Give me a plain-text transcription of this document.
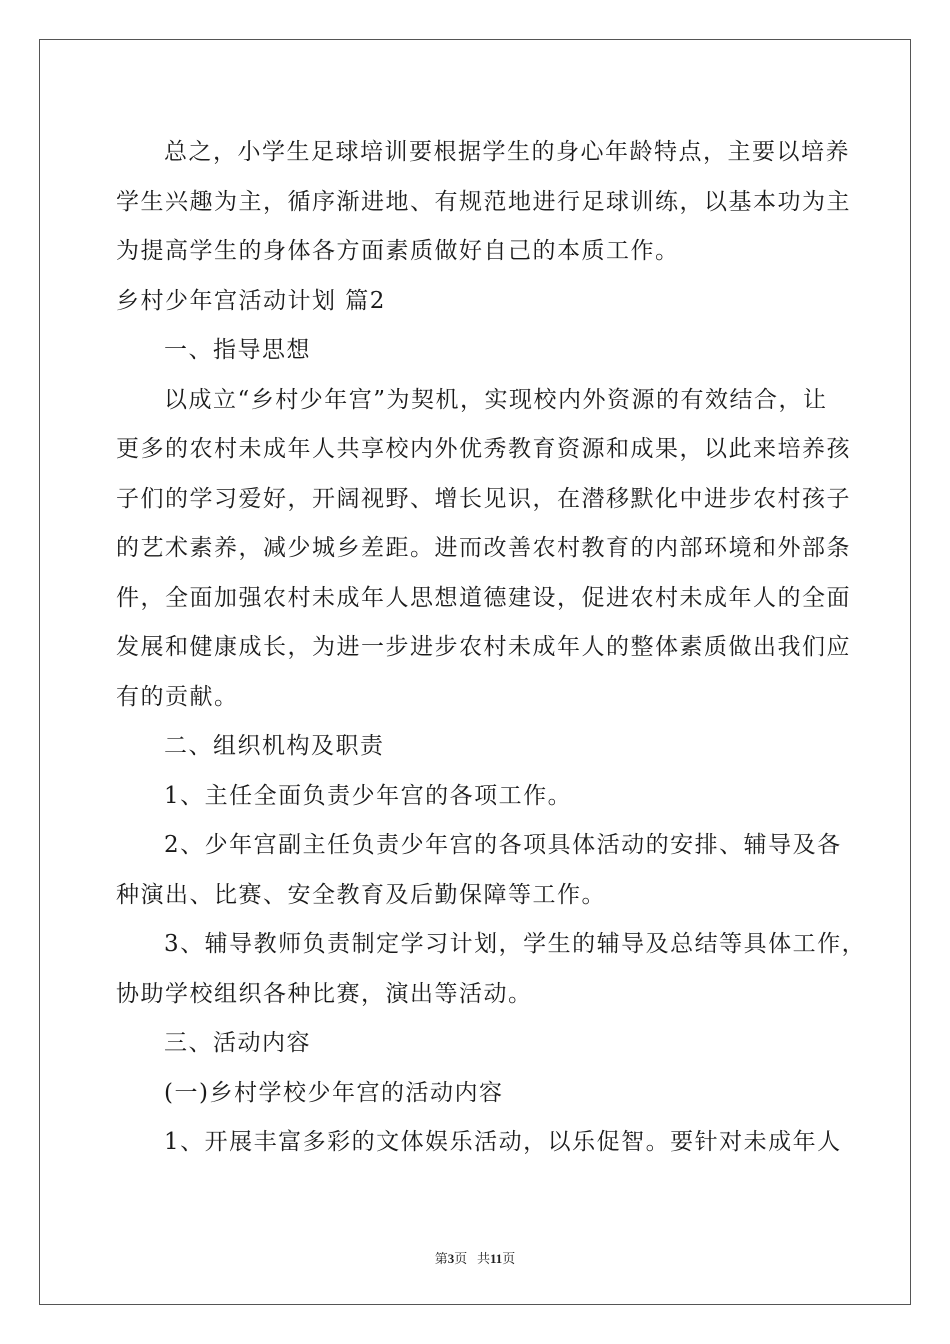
总之，小学生足球培训要根据学生的身心年龄特点，主要以培养
学生兴趣为主，循序渐进地、有规范地进行足球训练，以基本功为主
为提高学生的身体各方面素质做好自己的本质工作。
乡村少年宫活动计划 篇2
一、指导思想
以成立“乡村少年宫”为契机，实现校内外资源的有效结合，让
更多的农村未成年人共享校内外优秀教育资源和成果，以此来培养孩
子们的学习爱好，开阔视野、增长见识，在潜移默化中进步农村孩子
的艺术素养，减少城乡差距。进而改善农村教育的内部环境和外部条
件，全面加强农村未成年人思想道德建设，促进农村未成年人的全面
发展和健康成长，为进一步进步农村未成年人的整体素质做出我们应
有的贡献。
二、组织机构及职责
1、主任全面负责少年宫的各项工作。
2、少年宫副主任负责少年宫的各项具体活动的安排、辅导及各
种演出、比赛、安全教育及后勤保障等工作。
3、辅导教师负责制定学习计划，学生的辅导及总结等具体工作，
协助学校组织各种比赛，演出等活动。
三、活动内容
(一)乡村学校少年宫的活动内容
1、开展丰富多彩的文体娱乐活动，以乐促智。要针对未成年人
第3页 共11页
